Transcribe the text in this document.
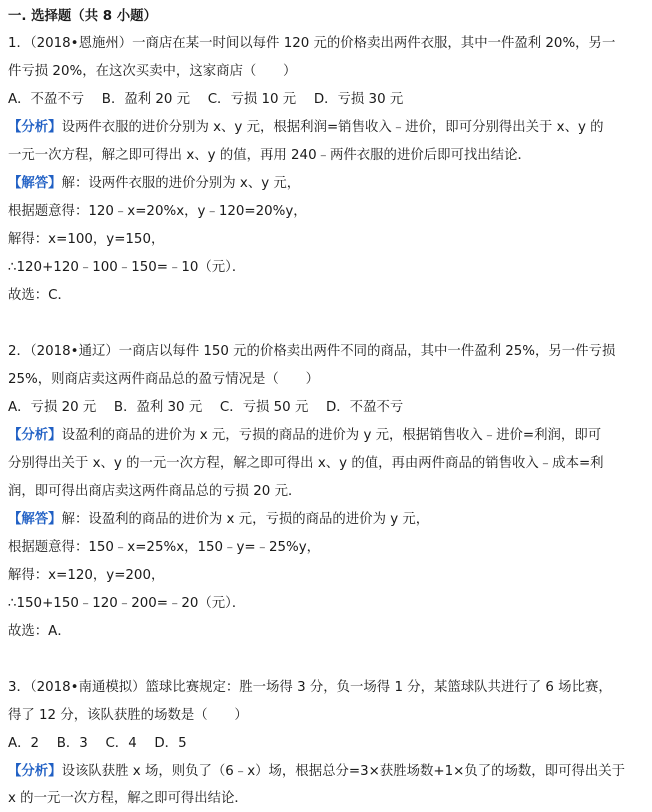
一. 选择题（共 8 小题）
1．（2018•恩施州）一商店在某一时间以每件 120 元的价格卖出两件衣服，其中一件盈利 20%，另一
件亏损 20%，在这次买卖中，这家商店（　　）
A．不盈不亏　 B．盈利 20 元　 C．亏损 10 元　 D．亏损 30 元
【分析】设两件衣服的进价分别为 x、y 元，根据利润=销售收入﹣进价，即可分别得出关于 x、y 的
一元一次方程，解之即可得出 x、y 的值，再用 240﹣两件衣服的进价后即可找出结论．
【解答】解：设两件衣服的进价分别为 x、y 元，
根据题意得：120﹣x=20%x，y﹣120=20%y，
解得：x=100，y=150，
∴120+120﹣100﹣150=﹣10（元）．
故选：C．
2．（2018•通辽）一商店以每件 150 元的价格卖出两件不同的商品，其中一件盈利 25%，另一件亏损
25%，则商店卖这两件商品总的盈亏情况是（　　）
A．亏损 20 元　 B．盈利 30 元　 C．亏损 50 元　 D．不盈不亏
【分析】设盈利的商品的进价为 x 元，亏损的商品的进价为 y 元，根据销售收入﹣进价=利润，即可
分别得出关于 x、y 的一元一次方程，解之即可得出 x、y 的值，再由两件商品的销售收入﹣成本=利
润，即可得出商店卖这两件商品总的亏损 20 元．
【解答】解：设盈利的商品的进价为 x 元，亏损的商品的进价为 y 元，
根据题意得：150﹣x=25%x，150﹣y=﹣25%y，
解得：x=120，y=200，
∴150+150﹣120﹣200=﹣20（元）．
故选：A．
3．（2018•南通模拟）篮球比赛规定：胜一场得 3 分，负一场得 1 分，某篮球队共进行了 6 场比赛，
得了 12 分，该队获胜的场数是（　　）
A．2　 B．3　 C．4　 D．5
【分析】设该队获胜 x 场，则负了（6﹣x）场，根据总分=3×获胜场数+1×负了的场数，即可得出关于
x 的一元一次方程，解之即可得出结论．
